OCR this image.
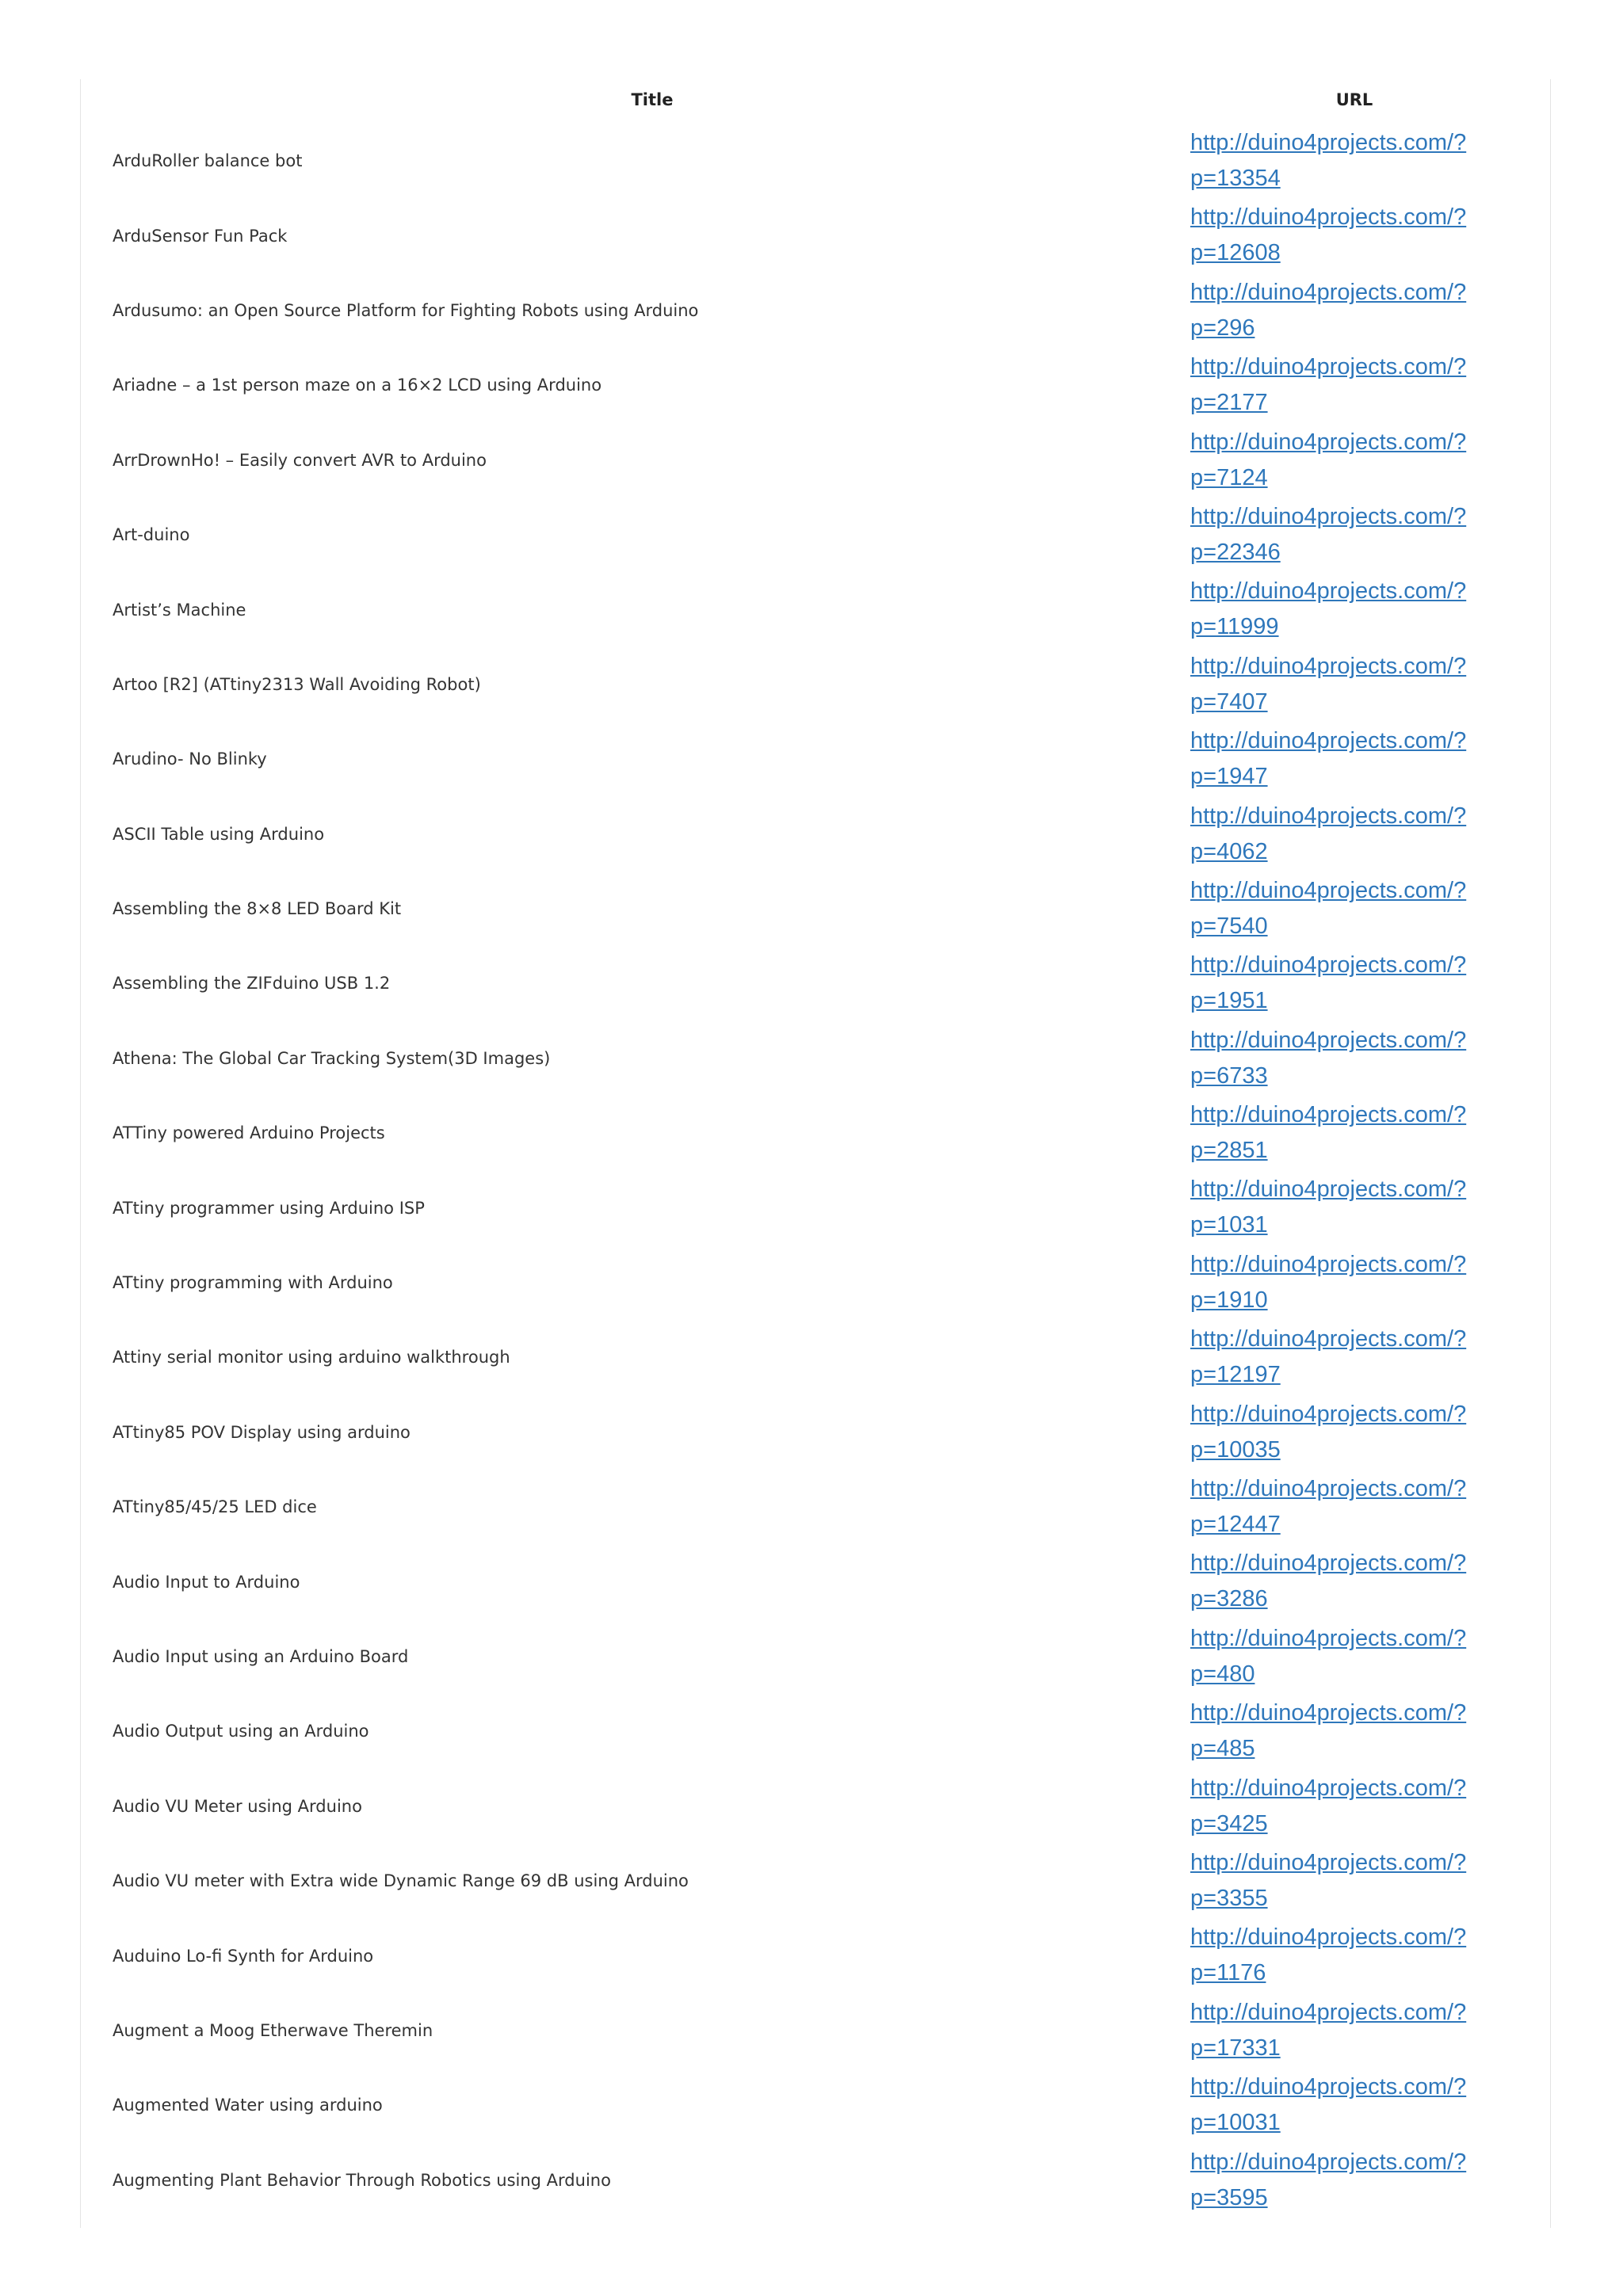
Title	URL
ArduRoller balance bot
http://duino4projects.com/?
p=13354
ArduSensor Fun Pack
http://duino4projects.com/?
p=12608
Ardusumo: an Open Source Platform for Fighting Robots using Arduino
http://duino4projects.com/?
p=296
Ariadne – a 1st person maze on a 16×2 LCD using Arduino
http://duino4projects.com/?
p=2177
ArrDrownHo! – Easily convert AVR to Arduino
http://duino4projects.com/?
p=7124
Art-duino
http://duino4projects.com/?
p=22346
Artist’s Machine
http://duino4projects.com/?
p=11999
Artoo [R2] (ATtiny2313 Wall Avoiding Robot)
http://duino4projects.com/?
p=7407
Arudino- No Blinky
http://duino4projects.com/?
p=1947
ASCII Table using Arduino
http://duino4projects.com/?
p=4062
Assembling the 8×8 LED Board Kit
http://duino4projects.com/?
p=7540
Assembling the ZIFduino USB 1.2
http://duino4projects.com/?
p=1951
Athena: The Global Car Tracking System(3D Images)
http://duino4projects.com/?
p=6733
ATTiny powered Arduino Projects
http://duino4projects.com/?
p=2851
ATtiny programmer using Arduino ISP
http://duino4projects.com/?
p=1031
ATtiny programming with Arduino
http://duino4projects.com/?
p=1910
Attiny serial monitor using arduino walkthrough
http://duino4projects.com/?
p=12197
ATtiny85 POV Display using arduino
http://duino4projects.com/?
p=10035
ATtiny85/45/25 LED dice
http://duino4projects.com/?
p=12447
Audio Input to Arduino
http://duino4projects.com/?
p=3286
Audio Input using an Arduino Board
http://duino4projects.com/?
p=480
Audio Output using an Arduino
http://duino4projects.com/?
p=485
Audio VU Meter using Arduino
http://duino4projects.com/?
p=3425
Audio VU meter with Extra wide Dynamic Range 69 dB using Arduino
http://duino4projects.com/?
p=3355
Auduino Lo-fi Synth for Arduino
http://duino4projects.com/?
p=1176
Augment a Moog Etherwave Theremin
http://duino4projects.com/?
p=17331
Augmented Water using arduino
http://duino4projects.com/?
p=10031
Augmenting Plant Behavior Through Robotics using Arduino
http://duino4projects.com/?
p=3595
